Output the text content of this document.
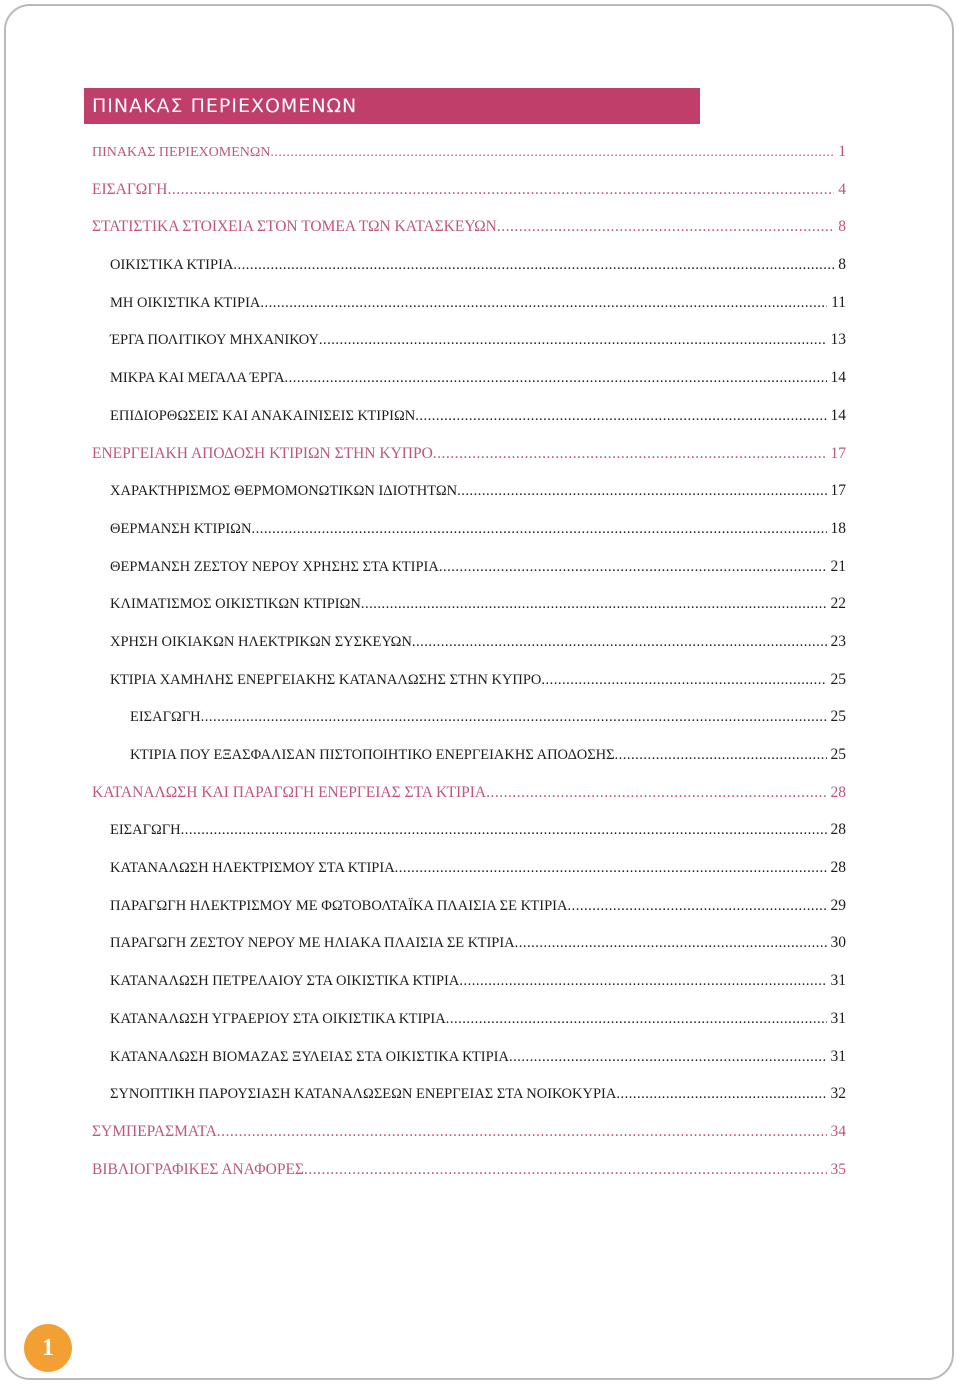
ΠΙΝΑΚΑΣ ΠΕΡΙΕΧΟΜΕΝΩΝ
ΠΙΝΑΚΑΣ ΠΕΡΙΕΧΟΜΕΝΩΝ .....	1
ΕΙΣΑΓΩΓΗ .....	4
ΣΤΑΤΙΣΤΙΚΑ ΣΤΟΙΧΕΙΑ ΣΤΟΝ ΤΟΜΕΑ ΤΩΝ ΚΑΤΑΣΚΕΥΩΝ .....	8
ΟΙΚΙΣΤΙΚΑ ΚΤΙΡΙΑ .....	8
ΜΗ ΟΙΚΙΣΤΙΚΑ ΚΤΙΡΙΑ .....	11
ΈΡΓΑ ΠΟΛΙΤΙΚΟΥ ΜΗΧΑΝΙΚΟΥ .....	13
ΜΙΚΡΑ ΚΑΙ ΜΕΓΑΛΑ ΈΡΓΑ .....	14
ΕΠΙΔΙΟΡΘΩΣΕΙΣ ΚΑΙ ΑΝΑΚΑΙΝΙΣΕΙΣ ΚΤΙΡΙΩΝ .....	14
ΕΝΕΡΓΕΙΑΚΗ ΑΠΟΔΟΣΗ ΚΤΙΡΙΩΝ ΣΤΗΝ ΚΥΠΡΟ .....	17
ΧΑΡΑΚΤΗΡΙΣΜΟΣ ΘΕΡΜΟΜΟΝΩΤΙΚΩΝ ΙΔΙΟΤΗΤΩΝ .....	17
ΘΕΡΜΑΝΣΗ ΚΤΙΡΙΩΝ .....	18
ΘΕΡΜΑΝΣΗ ΖΕΣΤΟΥ ΝΕΡΟΥ ΧΡΗΣΗΣ ΣΤΑ ΚΤΙΡΙΑ .....	21
ΚΛΙΜΑΤΙΣΜΟΣ ΟΙΚΙΣΤΙΚΩΝ ΚΤΙΡΙΩΝ .....	22
ΧΡΗΣΗ ΟΙΚΙΑΚΩΝ ΗΛΕΚΤΡΙΚΩΝ ΣΥΣΚΕΥΩΝ .....	23
ΚΤΙΡΙΑ ΧΑΜΗΛΗΣ ΕΝΕΡΓΕΙΑΚΗΣ ΚΑΤΑΝΑΛΩΣΗΣ ΣΤΗΝ ΚΥΠΡΟ .....	25
ΕΙΣΑΓΩΓΗ .....	25
ΚΤΙΡΙΑ ΠΟΥ ΕΞΑΣΦΑΛΙΣΑΝ ΠΙΣΤΟΠΟΙΗΤΙΚΟ ΕΝΕΡΓΕΙΑΚΗΣ ΑΠΟΔΟΣΗΣ .....	25
ΚΑΤΑΝΑΛΩΣΗ ΚΑΙ ΠΑΡΑΓΩΓΗ ΕΝΕΡΓΕΙΑΣ ΣΤΑ ΚΤΙΡΙΑ .....	28
ΕΙΣΑΓΩΓΗ .....	28
ΚΑΤΑΝΑΛΩΣΗ ΗΛΕΚΤΡΙΣΜΟΥ ΣΤΑ ΚΤΙΡΙΑ .....	28
ΠΑΡΑΓΩΓΗ ΗΛΕΚΤΡΙΣΜΟΥ ΜΕ ΦΩΤΟΒΟΛΤΑΪΚΑ ΠΛΑΙΣΙΑ ΣΕ ΚΤΙΡΙΑ .....	29
ΠΑΡΑΓΩΓΗ ΖΕΣΤΟΥ ΝΕΡΟΥ ΜΕ ΗΛΙΑΚΑ ΠΛΑΙΣΙΑ ΣΕ ΚΤΙΡΙΑ .....	30
ΚΑΤΑΝΑΛΩΣΗ ΠΕΤΡΕΛΑΙΟΥ ΣΤΑ ΟΙΚΙΣΤΙΚΑ ΚΤΙΡΙΑ .....	31
ΚΑΤΑΝΑΛΩΣΗ ΥΓΡΑΕΡΙΟΥ ΣΤΑ ΟΙΚΙΣΤΙΚΑ ΚΤΙΡΙΑ .....	31
ΚΑΤΑΝΑΛΩΣΗ ΒΙΟΜΑΖΑΣ ΞΥΛΕΙΑΣ ΣΤΑ ΟΙΚΙΣΤΙΚΑ ΚΤΙΡΙΑ .....	31
ΣΥΝΟΠΤΙΚΗ ΠΑΡΟΥΣΙΑΣΗ ΚΑΤΑΝΑΛΩΣΕΩΝ ΕΝΕΡΓΕΙΑΣ ΣΤΑ ΝΟΙΚΟΚΥΡΙΑ .....	32
ΣΥΜΠΕΡΑΣΜΑΤΑ .....	34
ΒΙΒΛΙΟΓΡΑΦΙΚΕΣ ΑΝΑΦΟΡΕΣ .....	35
1
